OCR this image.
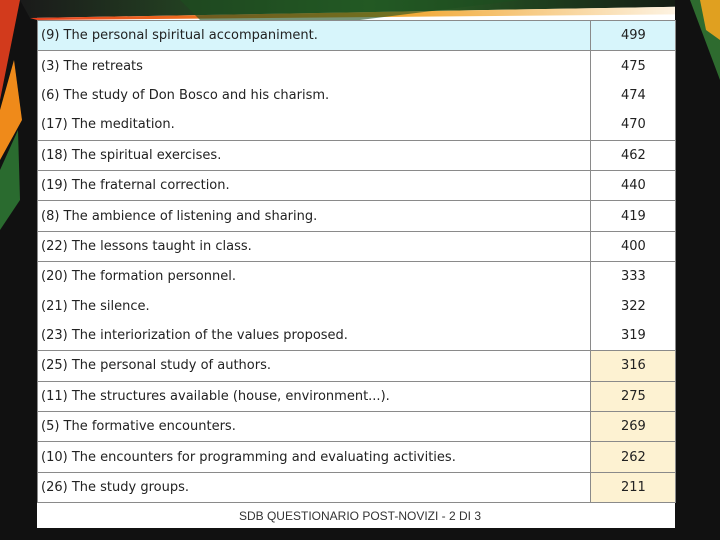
(9) The personal spiritual accompaniment.	499
(3) The retreats	475
(6) The study of Don Bosco and his charism.	474
(17) The meditation.	470
(18) The spiritual exercises.	462
(19) The fraternal correction.	440
(8) The ambience of listening and sharing.	419
(22) The lessons taught in class.	400
(20) The formation personnel.	333
(21) The silence.	322
(23) The interiorization of the values proposed.	319
(25) The personal study of authors.	316
(11) The structures available (house, environment...).	275
(5) The formative encounters.	269
(10) The encounters for programming and evaluating activities.	262
(26) The study groups.	211
SDB QUESTIONARIO POST-NOVIZI - 2 DI 3
